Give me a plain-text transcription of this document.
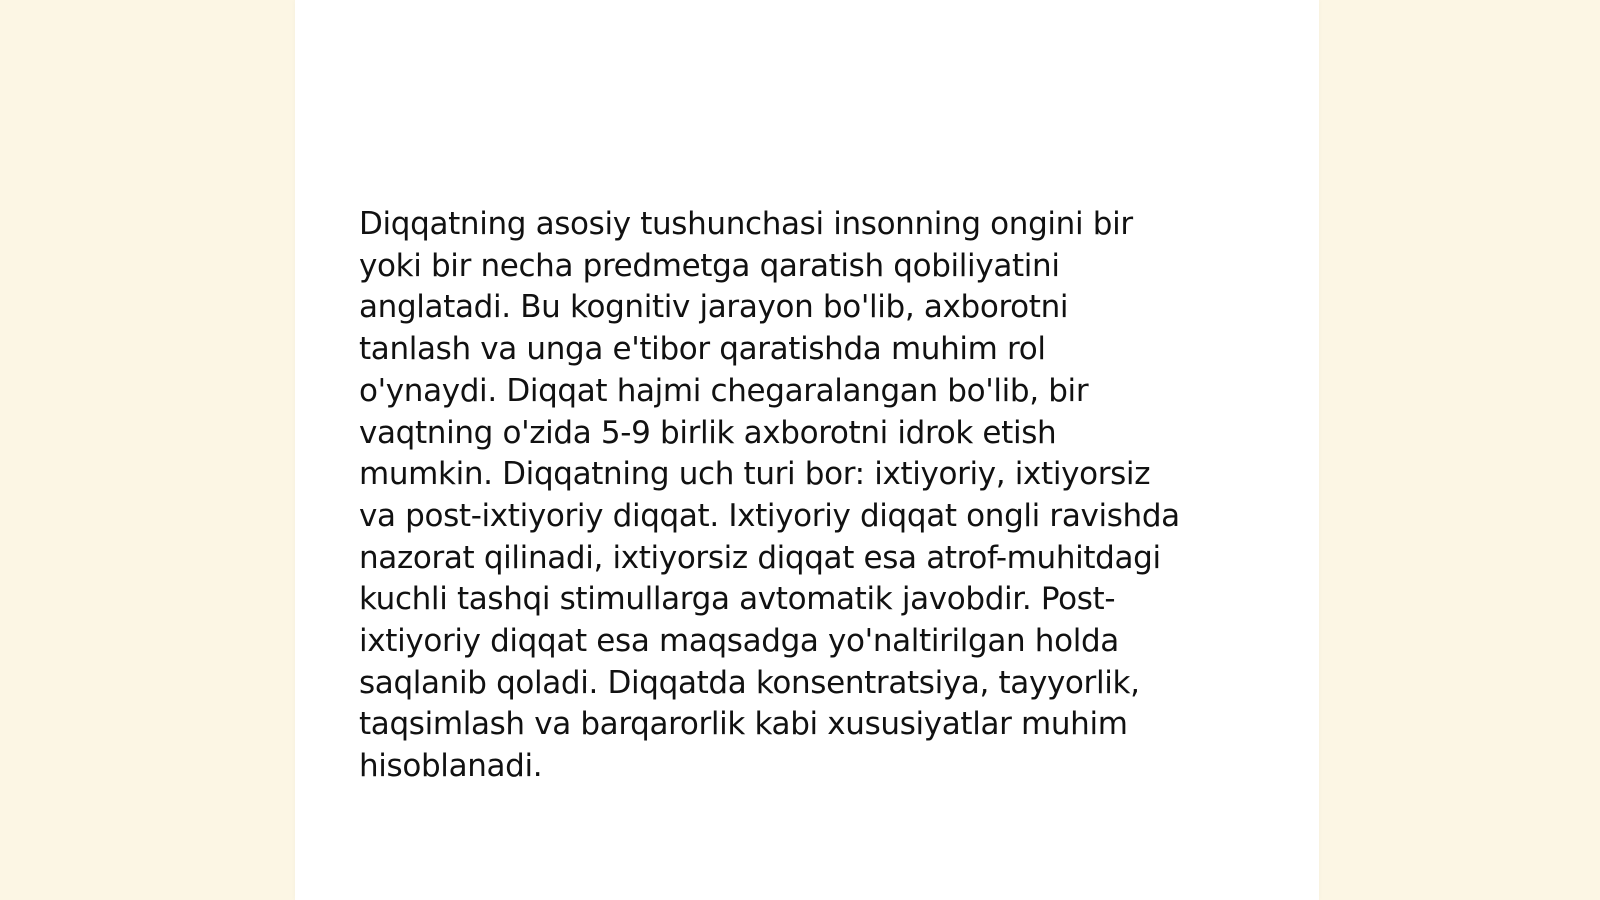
Diqqatning asosiy tushunchasi insonning ongini bir
yoki bir necha predmetga qaratish qobiliyatini
anglatadi. Bu kognitiv jarayon bo'lib, axborotni
tanlash va unga e'tibor qaratishda muhim rol
o'ynaydi. Diqqat hajmi chegaralangan bo'lib, bir
vaqtning o'zida 5-9 birlik axborotni idrok etish
mumkin. Diqqatning uch turi bor: ixtiyoriy, ixtiyorsiz
va post-ixtiyoriy diqqat. Ixtiyoriy diqqat ongli ravishda
nazorat qilinadi, ixtiyorsiz diqqat esa atrof-muhitdagi
kuchli tashqi stimullarga avtomatik javobdir. Post-
ixtiyoriy diqqat esa maqsadga yo'naltirilgan holda
saqlanib qoladi. Diqqatda konsentratsiya, tayyorlik,
taqsimlash va barqarorlik kabi xususiyatlar muhim
hisoblanadi.
